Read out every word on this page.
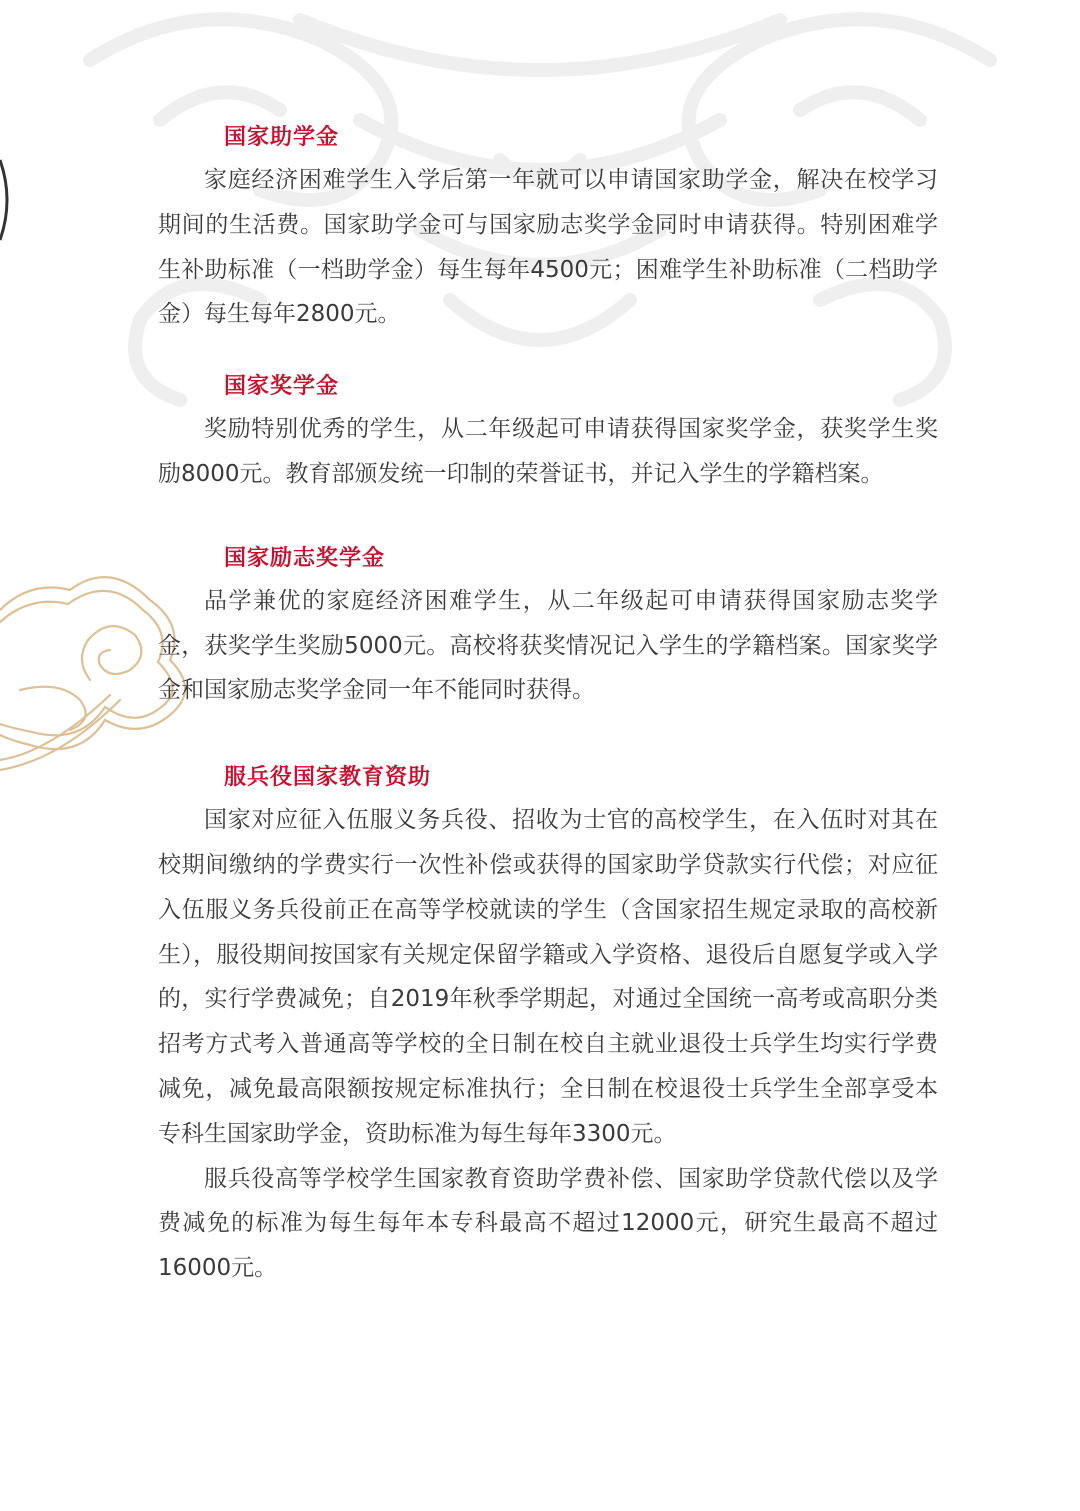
国家助学金

家庭经济困难学生入学后第一年就可以申请国家助学金，解决在校学习期间的生活费。国家助学金可与国家励志奖学金同时申请获得。特别困难学生补助标准（一档助学金）每生每年4500元；困难学生补助标准（二档助学金）每生每年2800元。

国家奖学金

奖励特别优秀的学生，从二年级起可申请获得国家奖学金，获奖学生奖励8000元。教育部颁发统一印制的荣誉证书，并记入学生的学籍档案。

国家励志奖学金

品学兼优的家庭经济困难学生，从二年级起可申请获得国家励志奖学金，获奖学生奖励5000元。高校将获奖情况记入学生的学籍档案。国家奖学金和国家励志奖学金同一年不能同时获得。

服兵役国家教育资助

国家对应征入伍服义务兵役、招收为士官的高校学生，在入伍时对其在校期间缴纳的学费实行一次性补偿或获得的国家助学贷款实行代偿；对应征入伍服义务兵役前正在高等学校就读的学生（含国家招生规定录取的高校新生），服役期间按国家有关规定保留学籍或入学资格、退役后自愿复学或入学的，实行学费减免；自2019年秋季学期起，对通过全国统一高考或高职分类招考方式考入普通高等学校的全日制在校自主就业退役士兵学生均实行学费减免，减免最高限额按规定标准执行；全日制在校退役士兵学生全部享受本专科生国家助学金，资助标准为每生每年3300元。

服兵役高等学校学生国家教育资助学费补偿、国家助学贷款代偿以及学费减免的标准为每生每年本专科最高不超过12000元，研究生最高不超过16000元。
